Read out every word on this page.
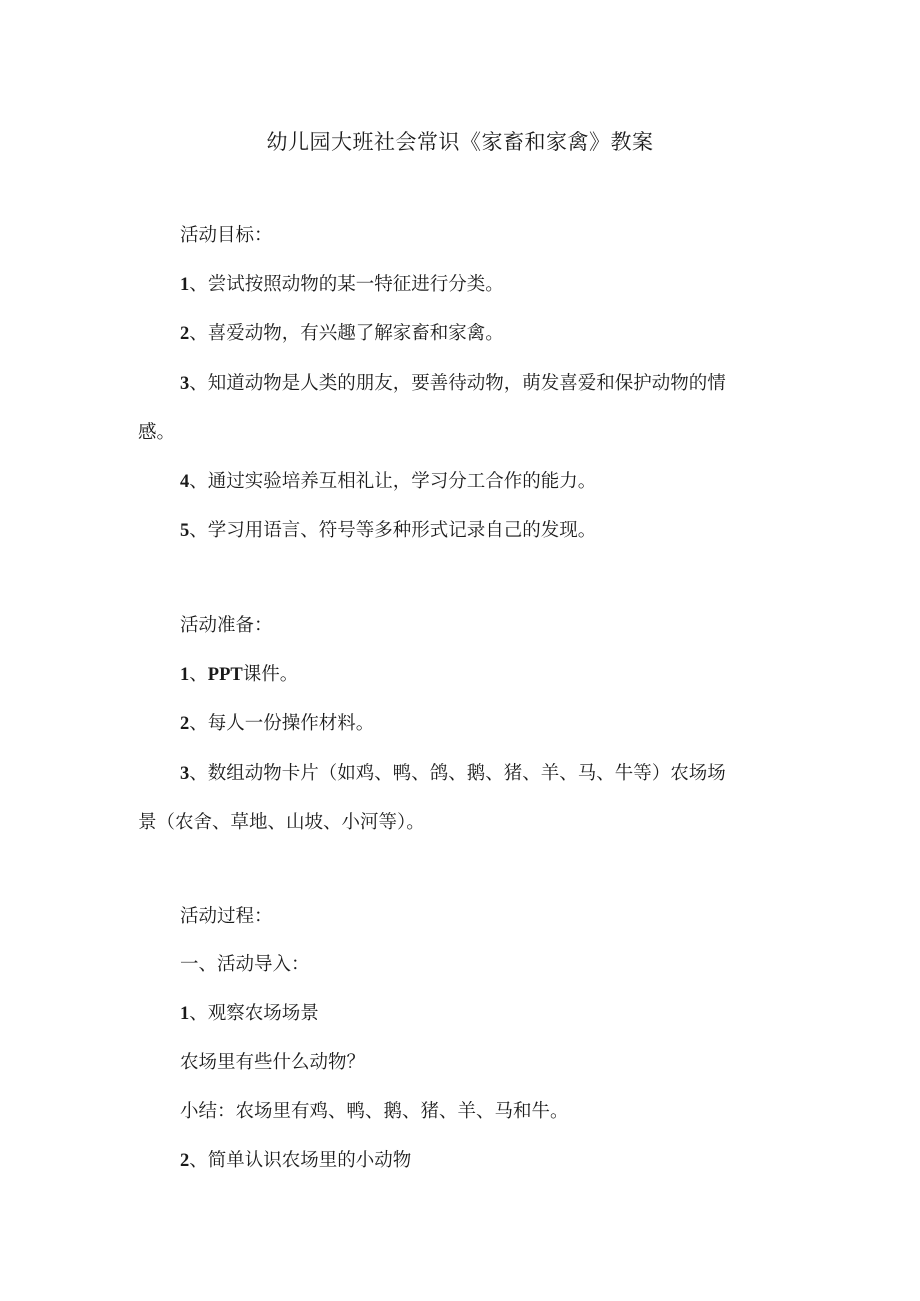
幼儿园大班社会常识《家畜和家禽》教案
活动目标：
1、尝试按照动物的某一特征进行分类。
2、喜爱动物，有兴趣了解家畜和家禽。
3、知道动物是人类的朋友，要善待动物，萌发喜爱和保护动物的情
感。
4、通过实验培养互相礼让，学习分工合作的能力。
5、学习用语言、符号等多种形式记录自己的发现。
活动准备：
1、PPT课件。
2、每人一份操作材料。
3、数组动物卡片（如鸡、鸭、鸽、鹅、猪、羊、马、牛等）农场场
景（农舍、草地、山坡、小河等）。
活动过程：
一、活动导入：
1、观察农场场景
农场里有些什么动物？
小结：农场里有鸡、鸭、鹅、猪、羊、马和牛。
2、简单认识农场里的小动物
